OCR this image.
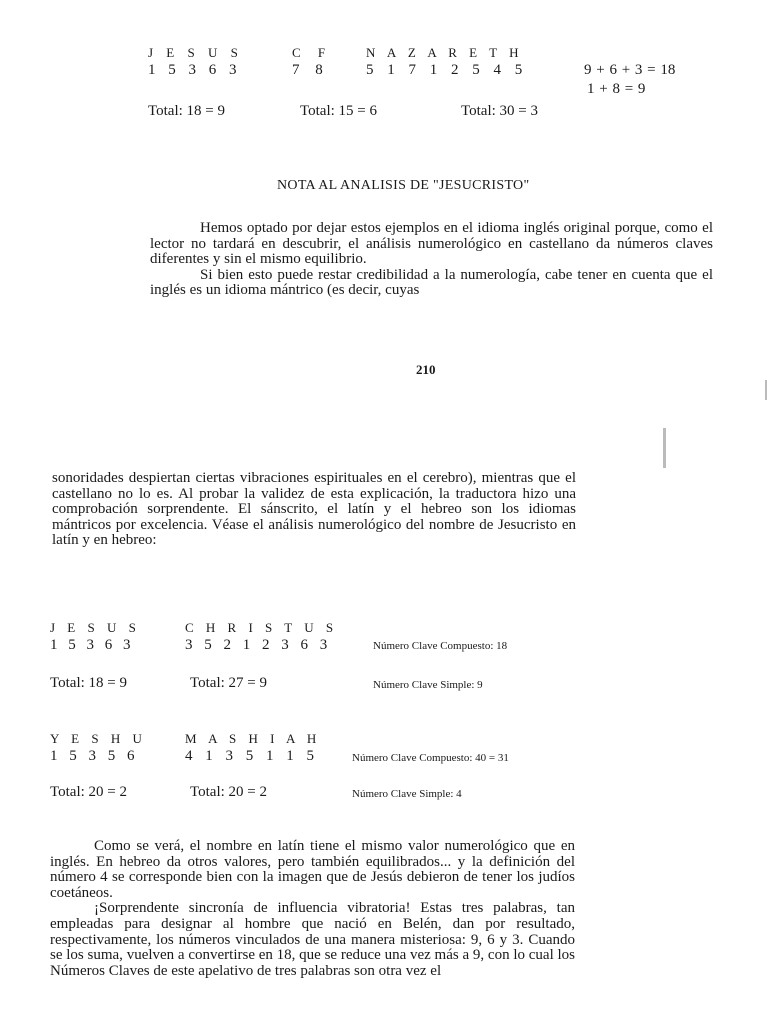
J E S U S	C F	N A Z A R E T H
1 5 3 6 3	7 8	5 1 7 1 2 5 4 5	9 + 6 + 3 = 18
1 + 8 = 9
Total: 18 = 9	Total: 15 = 6	Total: 30 = 3
NOTA AL ANALISIS DE "JESUCRISTO"

Hemos optado por dejar estos ejemplos en el idioma inglés original porque, como el lector no tardará en descubrir, el análisis numerológico en castellano da números claves diferentes y sin el mismo equilibrio.

Si bien esto puede restar credibilidad a la numerología, cabe tener en cuenta que el inglés es un idioma mántrico (es decir, cuyas

210
sonoridades despiertan ciertas vibraciones espirituales en el cerebro), mientras que el castellano no lo es. Al probar la validez de esta explicación, la traductora hizo una comprobación sorprendente. El sánscrito, el latín y el hebreo son los idiomas mántricos por excelencia. Véase el análisis numerológico del nombre de Jesucristo en latín y en hebreo:
J E S U S	C H R I S T U S
1 5 3 6 3	3 5 2 1 2 3 6 3	Número Clave Compuesto: 18
Total: 18 = 9	Total: 27 = 9	Número Clave Simple: 9
Y E S H U	M A S H I A H
1 5 3 5 6	4 1 3 5 1 1 5	Número Clave Compuesto: 40 = 31
Total: 20 = 2	Total: 20 = 2	Número Clave Simple: 4

Como se verá, el nombre en latín tiene el mismo valor numerológico que en inglés. En hebreo da otros valores, pero también equilibrados... y la definición del número 4 se corresponde bien con la imagen que de Jesús debieron de tener los judíos coetáneos.

¡Sorprendente sincronía de influencia vibratoria! Estas tres palabras, tan empleadas para designar al hombre que nació en Belén, dan por resultado, respectivamente, los números vinculados de una manera misteriosa: 9, 6 y 3. Cuando se los suma, vuelven a convertirse en 18, que se reduce una vez más a 9, con lo cual los Números Claves de este apelativo de tres palabras son otra vez el
